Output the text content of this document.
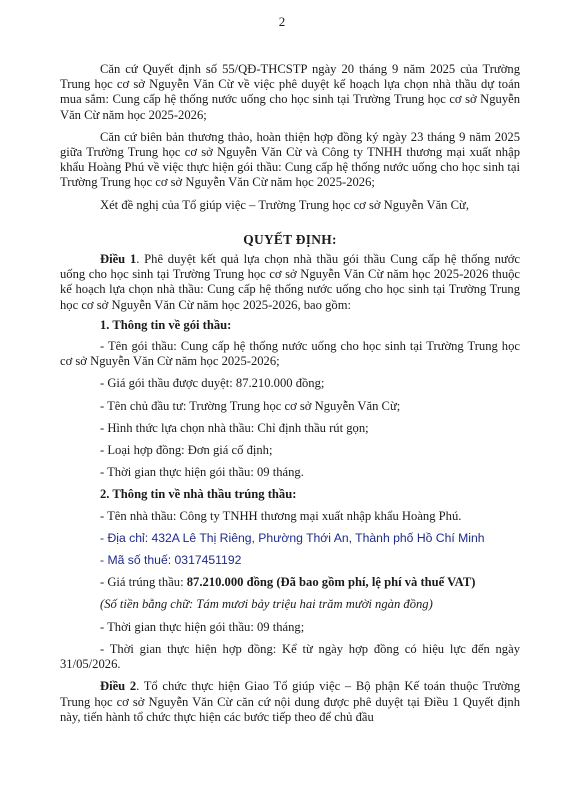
2

Căn cứ Quyết định số 55/QĐ-THCSTP ngày 20 tháng 9 năm 2025 của Trường Trung học cơ sở Nguyễn Văn Cừ về việc phê duyệt kế hoạch lựa chọn nhà thầu dự toán mua sắm: Cung cấp hệ thống nước uống cho học sinh tại Trường Trung học cơ sở Nguyễn Văn Cừ năm học 2025-2026;

Căn cứ biên bản thương thảo, hoàn thiện hợp đồng ký ngày 23 tháng 9 năm 2025 giữa Trường Trung học cơ sở Nguyễn Văn Cừ và Công ty TNHH thương mại xuất nhập khẩu Hoàng Phú về việc thực hiện gói thầu: Cung cấp hệ thống nước uống cho học sinh tại Trường Trung học cơ sở Nguyễn Văn Cừ năm học 2025-2026;

Xét đề nghị của Tổ giúp việc – Trường Trung học cơ sở Nguyễn Văn Cừ,

QUYẾT ĐỊNH:

Điều 1. Phê duyệt kết quả lựa chọn nhà thầu gói thầu Cung cấp hệ thống nước uống cho học sinh tại Trường Trung học cơ sở Nguyễn Văn Cừ năm học 2025-2026 thuộc kế hoạch lựa chọn nhà thầu: Cung cấp hệ thống nước uống cho học sinh tại Trường Trung học cơ sở Nguyễn Văn Cừ năm học 2025-2026, bao gồm:

1. Thông tin về gói thầu:

- Tên gói thầu: Cung cấp hệ thống nước uống cho học sinh tại Trường Trung học cơ sở Nguyễn Văn Cừ năm học 2025-2026;

- Giá gói thầu được duyệt: 87.210.000 đồng;

- Tên chủ đầu tư: Trường Trung học cơ sở Nguyễn Văn Cừ;

- Hình thức lựa chọn nhà thầu: Chỉ định thầu rút gọn;

- Loại hợp đồng: Đơn giá cố định;

- Thời gian thực hiện gói thầu: 09 tháng.

2. Thông tin về nhà thầu trúng thầu:

- Tên nhà thầu: Công ty TNHH thương mại xuất nhập khẩu Hoàng Phú.

- Địa chỉ: 432A Lê Thị Riêng, Phường Thới An, Thành phố Hồ Chí Minh

- Mã số thuế: 0317451192

- Giá trúng thầu: 87.210.000 đồng (Đã bao gồm phí, lệ phí và thuế VAT)

(Số tiền bằng chữ: Tám mươi bảy triệu hai trăm mười ngàn đồng)

- Thời gian thực hiện gói thầu: 09 tháng;

- Thời gian thực hiện hợp đồng: Kể từ ngày hợp đồng có hiệu lực đến ngày 31/05/2026.

Điều 2. Tổ chức thực hiện Giao Tổ giúp việc – Bộ phận Kế toán thuộc Trường Trung học cơ sở Nguyễn Văn Cừ căn cứ nội dung được phê duyệt tại Điều 1 Quyết định này, tiến hành tổ chức thực hiện các bước tiếp theo để chủ đầu
